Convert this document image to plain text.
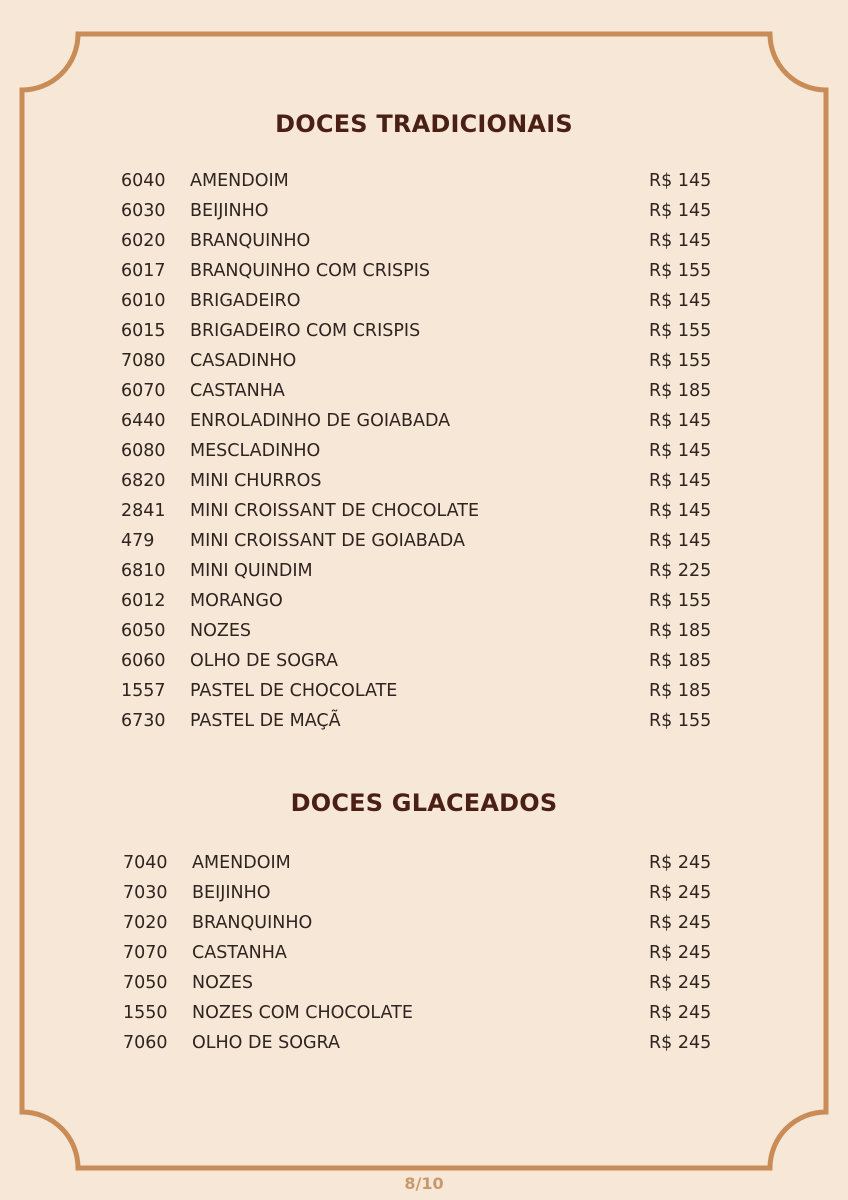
DOCES TRADICIONAIS
6040 AMENDOIM	R$ 145
6030 BEIJINHO	R$ 145
6020 BRANQUINHO	R$ 145
6017 BRANQUINHO COM CRISPIS	R$ 155
6010 BRIGADEIRO	R$ 145
6015 BRIGADEIRO COM CRISPIS	R$ 155
7080 CASADINHO	R$ 155
6070 CASTANHA	R$ 185
6440 ENROLADINHO DE GOIABADA	R$ 145
6080 MESCLADINHO	R$ 145
6820 MINI CHURROS	R$ 145
2841 MINI CROISSANT DE CHOCOLATE	R$ 145
479 MINI CROISSANT DE GOIABADA	R$ 145
6810 MINI QUINDIM	R$ 225
6012 MORANGO	R$ 155
6050 NOZES	R$ 185
6060 OLHO DE SOGRA	R$ 185
1557 PASTEL DE CHOCOLATE	R$ 185
6730 PASTEL DE MAÇÃ	R$ 155
DOCES GLACEADOS
7040 AMENDOIM	R$ 245
7030 BEIJINHO	R$ 245
7020 BRANQUINHO	R$ 245
7070 CASTANHA	R$ 245
7050 NOZES	R$ 245
1550 NOZES COM CHOCOLATE	R$ 245
7060 OLHO DE SOGRA	R$ 245
8/10
